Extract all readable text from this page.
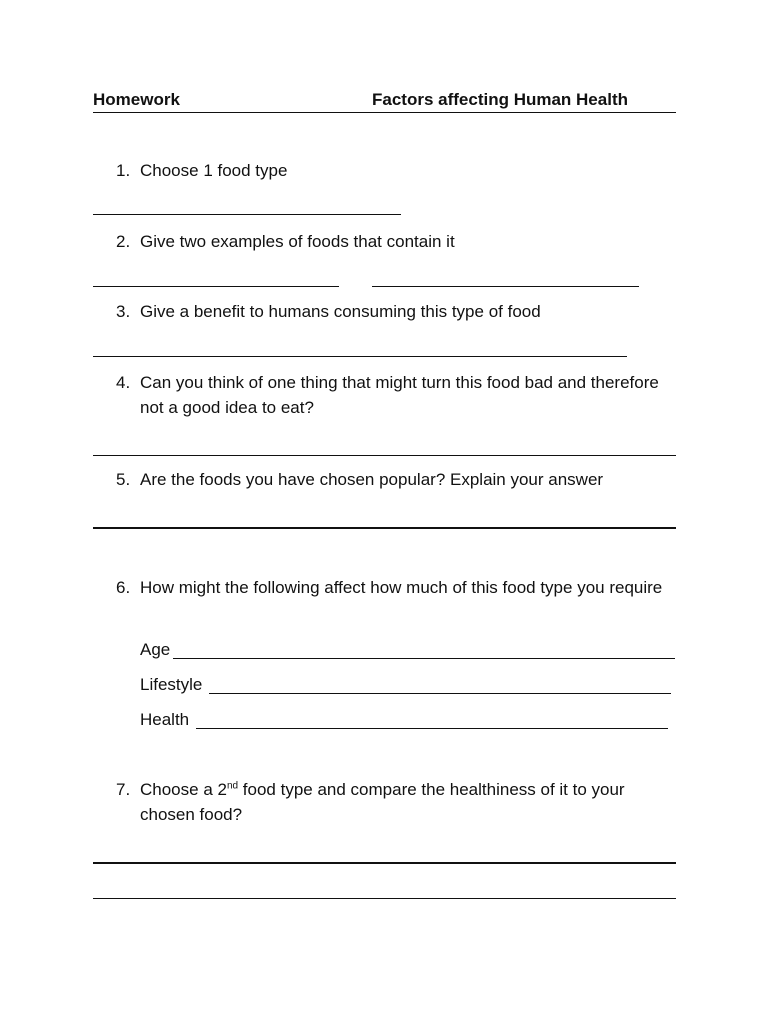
Homework	Factors affecting Human Health
1. Choose 1 food type
2. Give two examples of foods that contain it
3. Give a benefit to humans consuming this type of food
4. Can you think of one thing that might turn this food bad and therefore not a good idea to eat?
5. Are the foods you have chosen popular? Explain your answer
6. How might the following affect how much of this food type you require
Age
Lifestyle
Health
7. Choose a 2nd food type and compare the healthiness of it to your chosen food?
